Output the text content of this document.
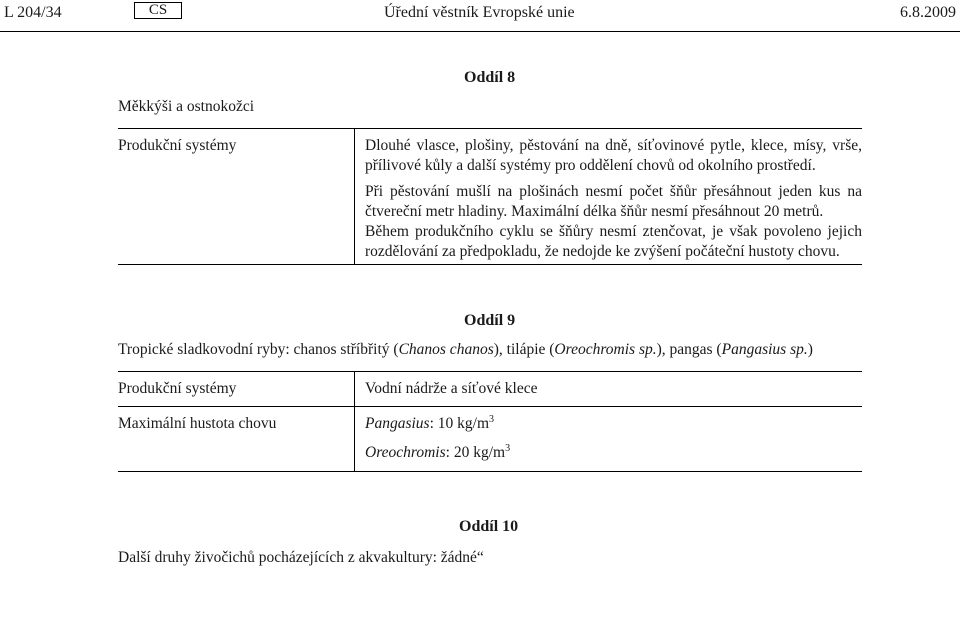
L 204/34	CS	Úřední věstník Evropské unie	6.8.2009
Oddíl 8
Měkkýši a ostnokožci
Produkční systémy	Dlouhé vlasce, plošiny, pěstování na dně, síťovinové pytle, klece, mísy, vrše,
přílivové kůly a další systémy pro oddělení chovů od okolního prostředí.
Při pěstování mušlí na plošinách nesmí počet šňůr přesáhnout jeden kus na
čtvereční metr hladiny. Maximální délka šňůr nesmí přesáhnout 20 metrů.
Během produkčního cyklu se šňůry nesmí ztenčovat, je však povoleno jejich
rozdělování za předpokladu, že nedojde ke zvýšení počáteční hustoty chovu.
Oddíl 9
Tropické sladkovodní ryby: chanos stříbřitý (Chanos chanos), tilápie (Oreochromis sp.), pangas (Pangasius sp.)
Produkční systémy	Vodní nádrže a síťové klece
Maximální hustota chovu	Pangasius: 10 $kg/m^3$
Oreochromis: 20 $kg/m^3$
Oddíl 10
Další druhy živočichů pocházejících z akvakultury: žádné“
